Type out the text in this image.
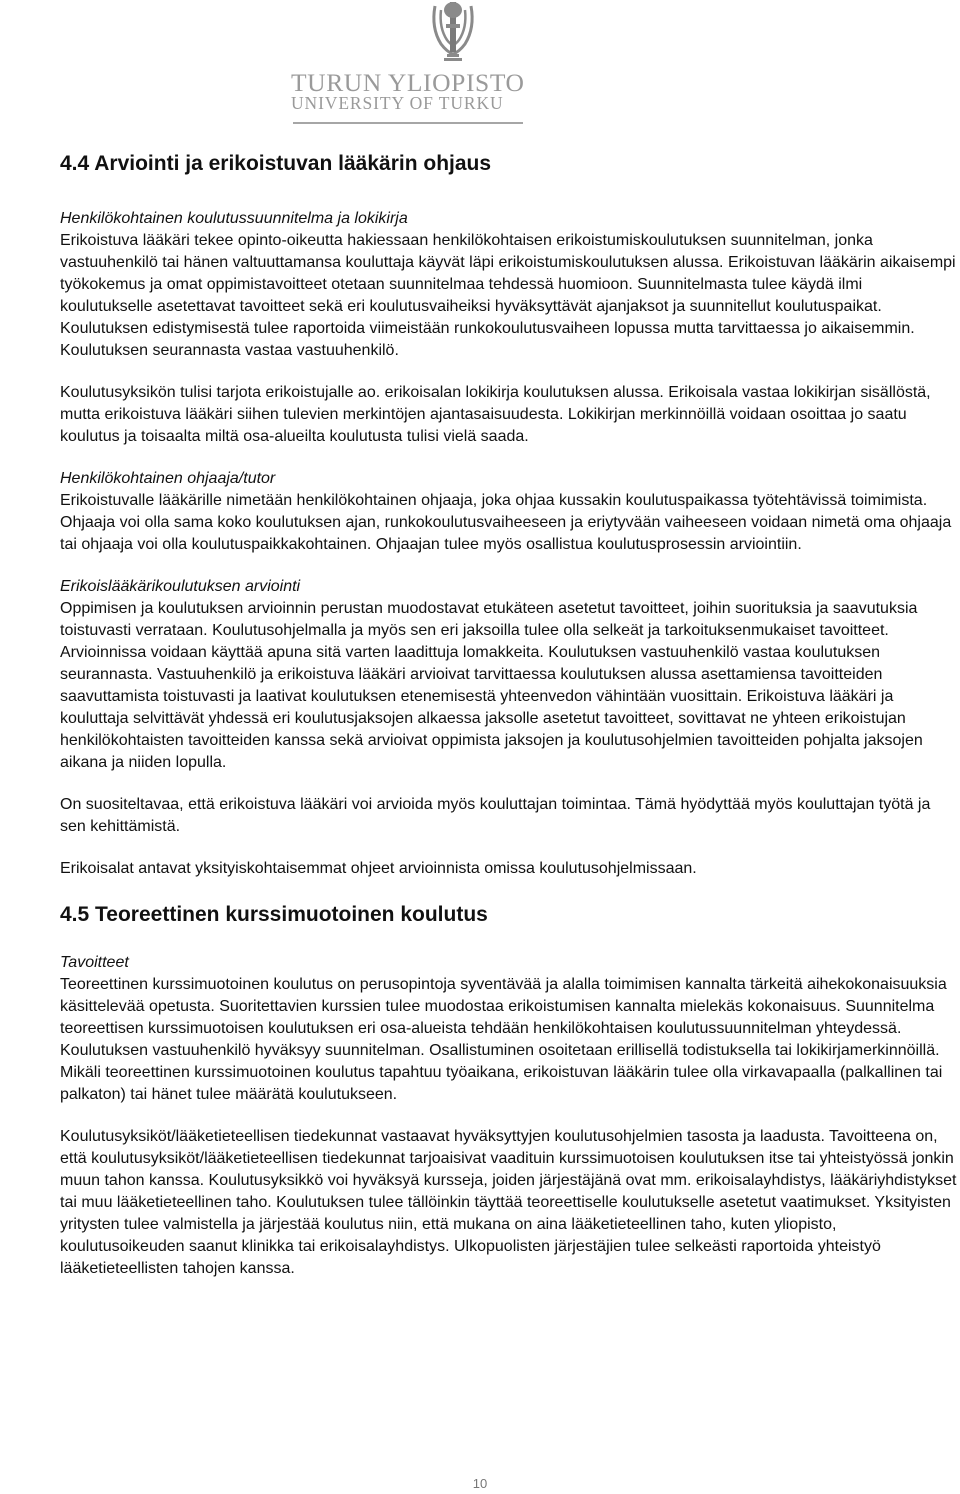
TURUN YLIOPISTO
UNIVERSITY OF TURKU
4.4 Arviointi ja erikoistuvan lääkärin ohjaus
Henkilökohtainen koulutussuunnitelma ja lokikirja

Erikoistuva lääkäri tekee opinto-oikeutta hakiessaan henkilökohtaisen erikoistumiskoulutuksen suunnitelman, jonka vastuuhenkilö tai hänen valtuuttamansa kouluttaja käyvät läpi erikoistumiskoulutuksen alussa. Erikoistuvan lääkärin aikaisempi työkokemus ja omat oppimistavoitteet otetaan suunnitelmaa tehdessä huomioon. Suunnitelmasta tulee käydä ilmi koulutukselle asetettavat tavoitteet sekä eri koulutusvaiheiksi hyväksyttävät ajanjaksot ja suunnitellut koulutuspaikat. Koulutuksen edistymisestä tulee raportoida viimeistään runkokoulutusvaiheen lopussa mutta tarvittaessa jo aikaisemmin. Koulutuksen seurannasta vastaa vastuuhenkilö.

Koulutusyksikön tulisi tarjota erikoistujalle ao. erikoisalan lokikirja koulutuksen alussa. Erikoisala vastaa lokikirjan sisällöstä, mutta erikoistuva lääkäri siihen tulevien merkintöjen ajantasaisuudesta. Lokikirjan merkinnöillä voidaan osoittaa jo saatu koulutus ja toisaalta miltä osa-alueilta koulutusta tulisi vielä saada.

Henkilökohtainen ohjaaja/tutor

Erikoistuvalle lääkärille nimetään henkilökohtainen ohjaaja, joka ohjaa kussakin koulutuspaikassa työtehtävissä toimimista. Ohjaaja voi olla sama koko koulutuksen ajan, runkokoulutusvaiheeseen ja eriytyvään vaiheeseen voidaan nimetä oma ohjaaja tai ohjaaja voi olla koulutuspaikkakohtainen. Ohjaajan tulee myös osallistua koulutusprosessin arviointiin.

Erikoislääkärikoulutuksen arviointi

Oppimisen ja koulutuksen arvioinnin perustan muodostavat etukäteen asetetut tavoitteet, joihin suorituksia ja saavutuksia toistuvasti verrataan. Koulutusohjelmalla ja myös sen eri jaksoilla tulee olla selkeät ja tarkoituksenmukaiset tavoitteet. Arvioinnissa voidaan käyttää apuna sitä varten laadittuja lomakkeita. Koulutuksen vastuuhenkilö vastaa koulutuksen seurannasta. Vastuuhenkilö ja erikoistuva lääkäri arvioivat tarvittaessa koulutuksen alussa asettamiensa tavoitteiden saavuttamista toistuvasti ja laativat koulutuksen etenemisestä yhteenvedon vähintään vuosittain. Erikoistuva lääkäri ja kouluttaja selvittävät yhdessä eri koulutusjaksojen alkaessa jaksolle asetetut tavoitteet, sovittavat ne yhteen erikoistujan henkilökohtaisten tavoitteiden kanssa sekä arvioivat oppimista jaksojen ja koulutusohjelmien tavoitteiden pohjalta jaksojen aikana ja niiden lopulla.

On suositeltavaa, että erikoistuva lääkäri voi arvioida myös kouluttajan toimintaa. Tämä hyödyttää myös kouluttajan työtä ja sen kehittämistä.

Erikoisalat antavat yksityiskohtaisemmat ohjeet arvioinnista omissa koulutusohjelmissaan.

4.5 Teoreettinen kurssimuotoinen koulutus
Tavoitteet

Teoreettinen kurssimuotoinen koulutus on perusopintoja syventävää ja alalla toimimisen kannalta tärkeitä aihekokonaisuuksia käsittelevää opetusta. Suoritettavien kurssien tulee muodostaa erikoistumisen kannalta mielekäs kokonaisuus. Suunnitelma teoreettisen kurssimuotoisen koulutuksen eri osa-alueista tehdään henkilökohtaisen koulutussuunnitelman yhteydessä. Koulutuksen vastuuhenkilö hyväksyy suunnitelman. Osallistuminen osoitetaan erillisellä todistuksella tai lokikirjamerkinnöillä. Mikäli teoreettinen kurssimuotoinen koulutus tapahtuu työaikana, erikoistuvan lääkärin tulee olla virkavapaalla (palkallinen tai palkaton) tai hänet tulee määrätä koulutukseen.

Koulutusyksiköt/lääketieteellisen tiedekunnat vastaavat hyväksyttyjen koulutusohjelmien tasosta ja laadusta. Tavoitteena on, että koulutusyksiköt/lääketieteellisen tiedekunnat tarjoaisivat vaadituin kurssimuotoisen koulutuksen itse tai yhteistyössä jonkin muun tahon kanssa. Koulutusyksikkö voi hyväksyä kursseja, joiden järjestäjänä ovat mm. erikoisalayhdistys, lääkäriyhdistykset tai muu lääketieteellinen taho. Koulutuksen tulee tällöinkin täyttää teoreettiselle koulutukselle asetetut vaatimukset. Yksityisten yritysten tulee valmistella ja järjestää koulutus niin, että mukana on aina lääketieteellinen taho, kuten yliopisto, koulutusoikeuden saanut klinikka tai erikoisalayhdistys. Ulkopuolisten järjestäjien tulee selkeästi raportoida yhteistyö lääketieteellisten tahojen kanssa.

10
